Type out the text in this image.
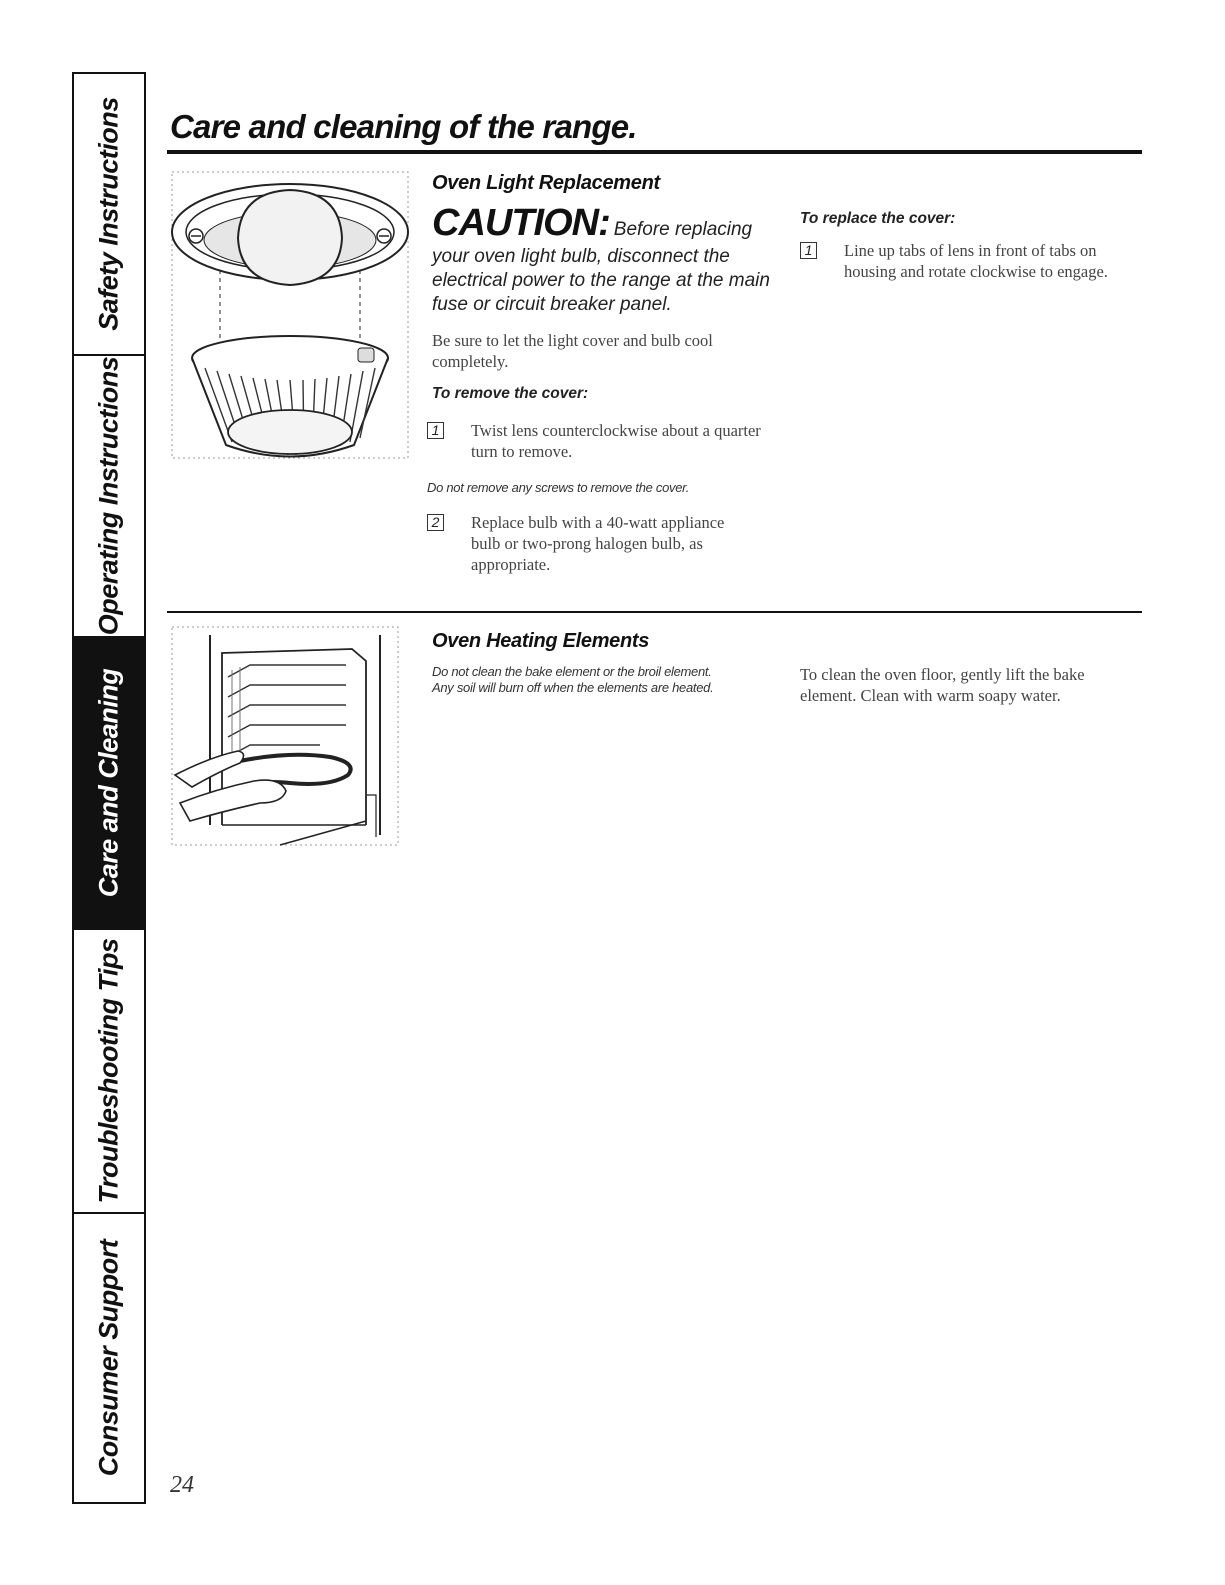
Safety Instructions
Operating Instructions
Care and Cleaning
Troubleshooting Tips
Consumer Support
Care and cleaning of the range.
Oven Light Replacement
CAUTION: Before replacing your oven light bulb, disconnect the electrical power to the range at the main fuse or circuit breaker panel.
Be sure to let the light cover and bulb cool completely.
To remove the cover:
1 Twist lens counterclockwise about a quarter turn to remove.
Do not remove any screws to remove the cover.
2 Replace bulb with a 40-watt appliance bulb or two-prong halogen bulb, as appropriate.
To replace the cover:
1 Line up tabs of lens in front of tabs on housing and rotate clockwise to engage.
Oven Heating Elements
Do not clean the bake element or the broil element. Any soil will burn off when the elements are heated.
To clean the oven floor, gently lift the bake element. Clean with warm soapy water.
24
